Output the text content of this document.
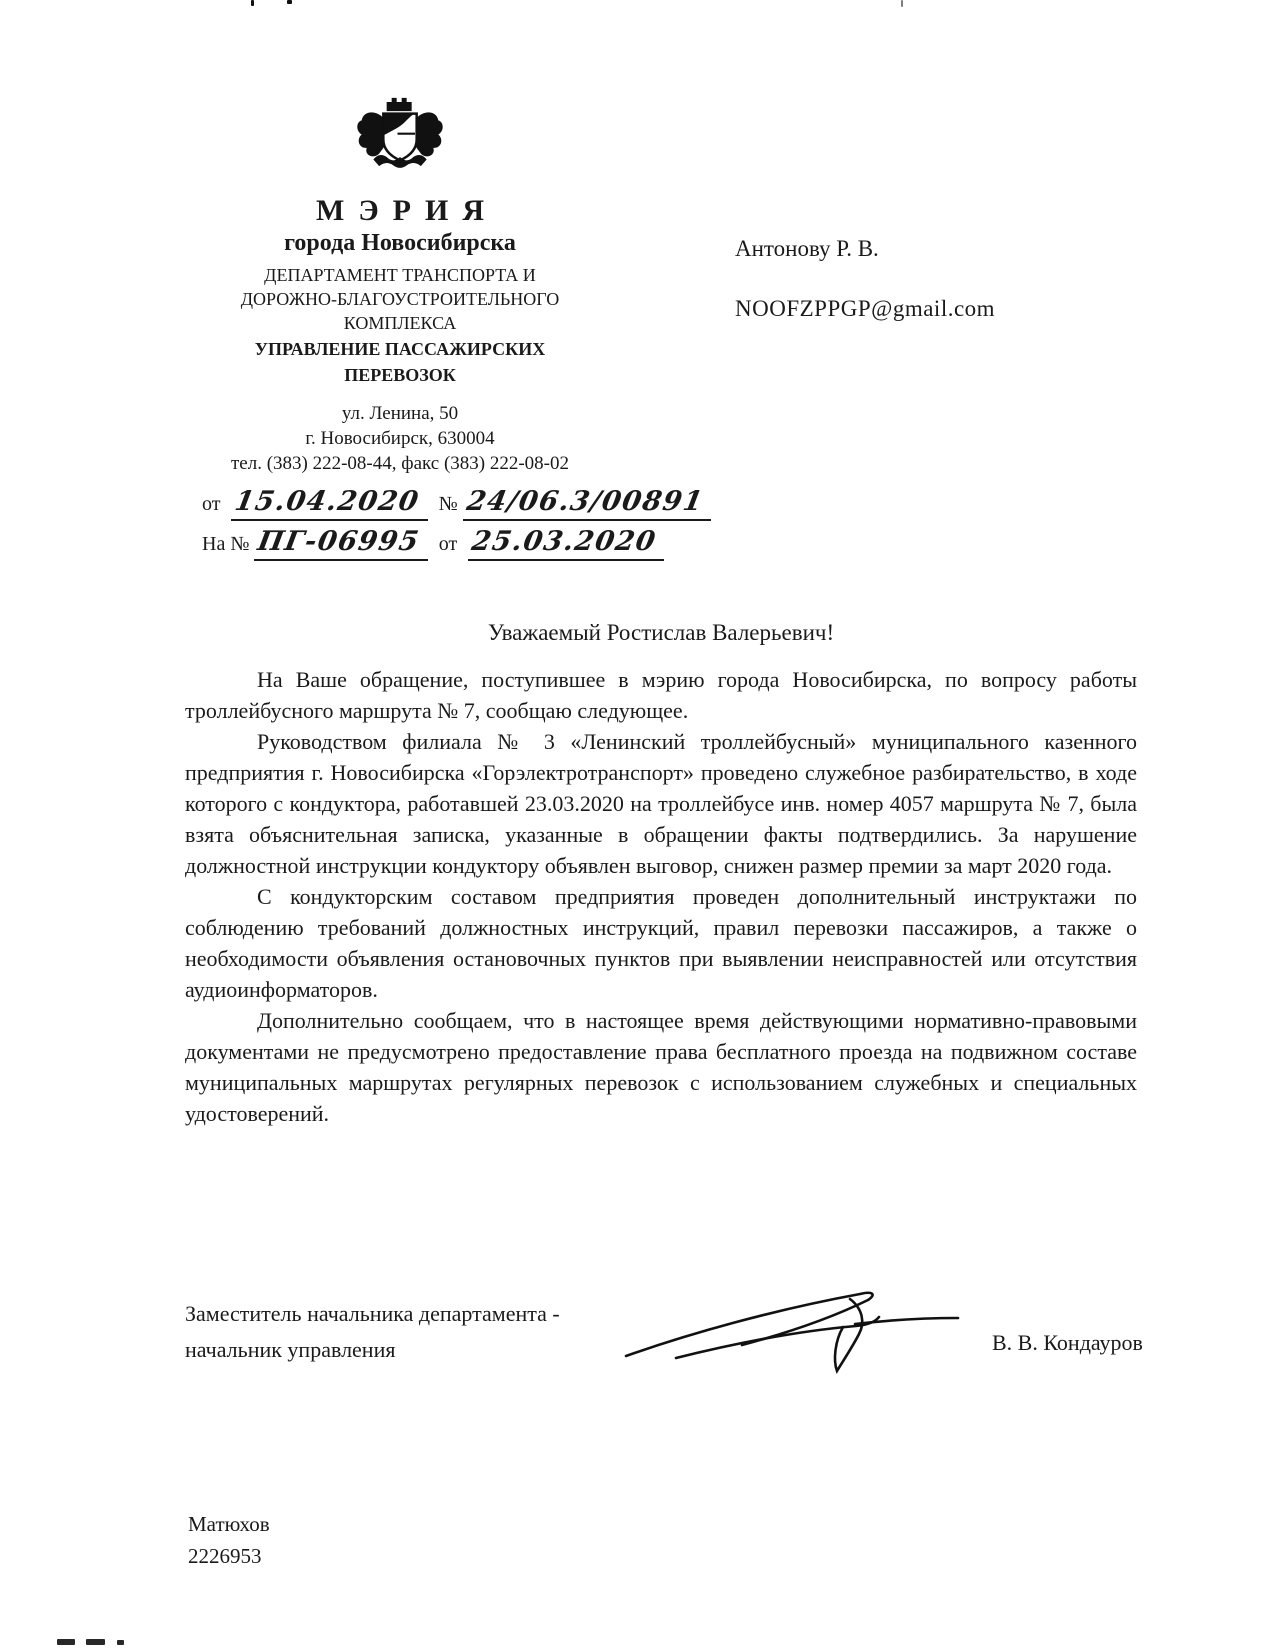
МЭРИЯ
города Новосибирска
ДЕПАРТАМЕНТ ТРАНСПОРТА И
ДОРОЖНО-БЛАГОУСТРОИТЕЛЬНОГО
КОМПЛЕКСА
УПРАВЛЕНИЕ ПАССАЖИРСКИХ
ПЕРЕВОЗОК
ул. Ленина, 50
г. Новосибирск, 630004
тел. (383) 222-08-44, факс (383) 222-08-02
от 15.04.2020 № 24/06.3/00891
На № ПГ-06995 от 25.03.2020
Антонову Р. В.
NOOFZPPGP@gmail.com
Уважаемый Ростислав Валерьевич!

На Ваше обращение, поступившее в мэрию города Новосибирска, по вопросу работы троллейбусного маршрута № 7, сообщаю следующее.

Руководством филиала № 3 «Ленинский троллейбусный» муниципального казенного предприятия г. Новосибирска «Горэлектротранспорт» проведено служебное разбирательство, в ходе которого с кондуктора, работавшей 23.03.2020 на троллейбусе инв. номер 4057 маршрута № 7, была взята объяснительная записка, указанные в обращении факты подтвердились. За нарушение должностной инструкции кондуктору объявлен выговор, снижен размер премии за март 2020 года.

С кондукторским составом предприятия проведен дополнительный инструктажи по соблюдению требований должностных инструкций, правил перевозки пассажиров, а также о необходимости объявления остановочных пунктов при выявлении неисправностей или отсутствия аудиоинформаторов.

Дополнительно сообщаем, что в настоящее время действующими нормативно-правовыми документами не предусмотрено предоставление права бесплатного проезда на подвижном составе муниципальных маршрутах регулярных перевозок с использованием служебных и специальных удостоверений.

Заместитель начальника департамента -
начальник управления	В. В. Кондауров
Матюхов
2226953
